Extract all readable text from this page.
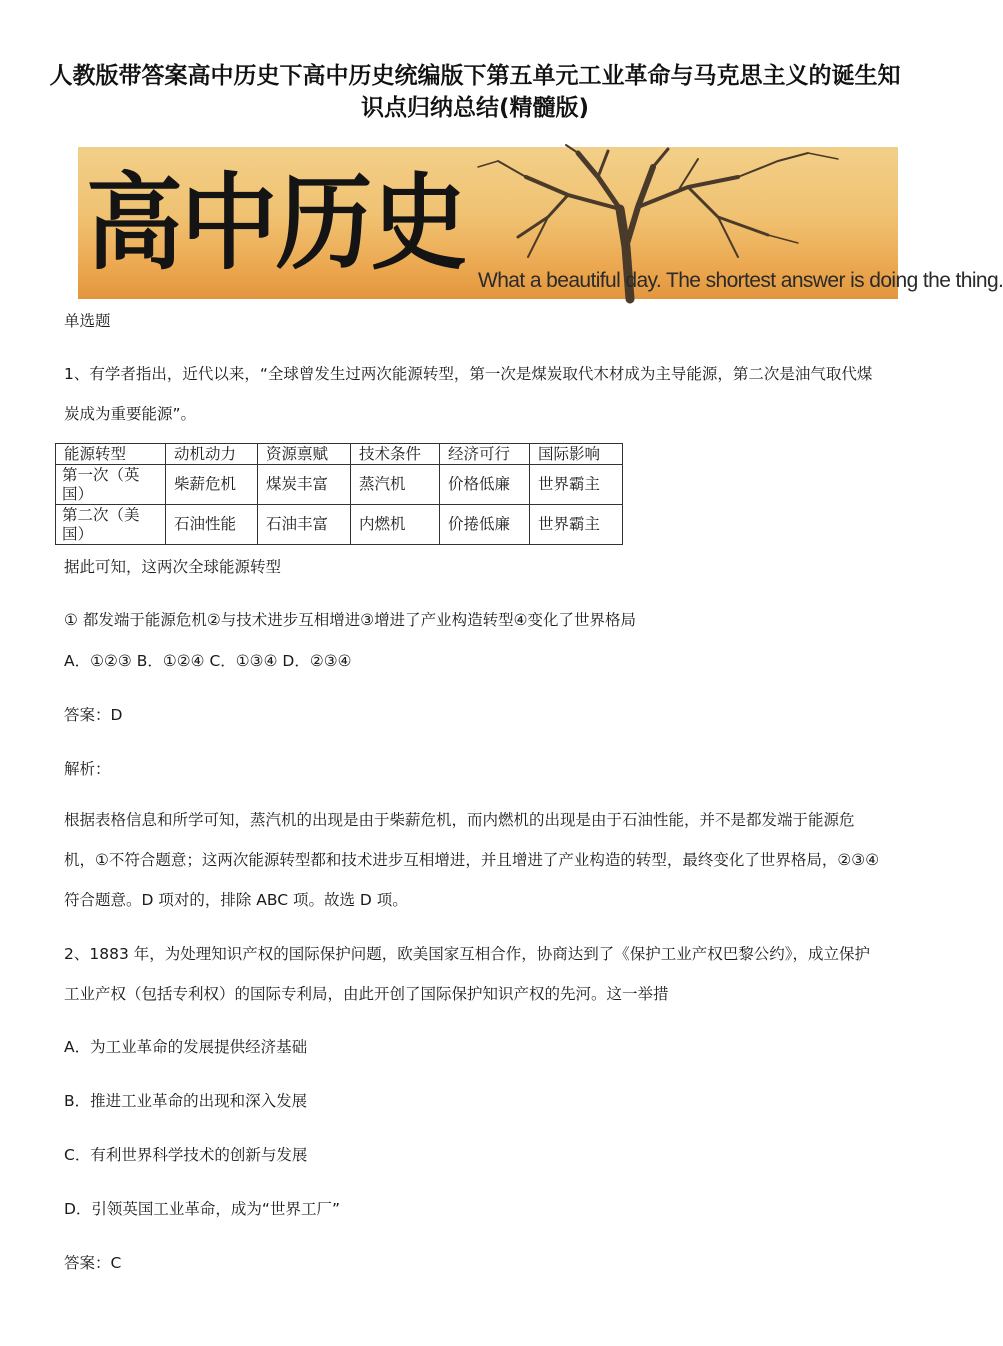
人教版带答案高中历史下高中历史统编版下第五单元工业革命与马克思主义的诞生知识点归纳总结(精髓版)
高中历史 What a beautiful day. The shortest answer is doing the thing.
单选题
1、有学者指出，近代以来，“全球曾发生过两次能源转型，第一次是煤炭取代木材成为主导能源，第二次是油气取代煤炭成为重要能源”。
能源转型	动机动力	资源禀赋	技术条件	经济可行	国际影响
第一次（英国）	柴薪危机	煤炭丰富	蒸汽机	价格低廉	世界霸主
第二次（美国）	石油性能	石油丰富	内燃机	价捲低廉	世界霸主
据此可知，这两次全球能源转型
① 都发端于能源危机②与技术进步互相增进③增进了产业构造转型④变化了世界格局
A．①②③ B．①②④ C．①③④ D．②③④
答案：D
解析：
根据表格信息和所学可知，蒸汽机的出现是由于柴薪危机，而内燃机的出现是由于石油性能，并不是都发端于能源危机，①不符合题意；这两次能源转型都和技术进步互相增进，并且增进了产业构造的转型，最终变化了世界格局，②③④符合题意。D 项对的，排除 ABC 项。故选 D 项。
2、1883 年，为处理知识产权的国际保护问题，欧美国家互相合作，协商达到了《保护工业产权巴黎公约》，成立保护工业产权（包括专利权）的国际专利局，由此开创了国际保护知识产权的先河。这一举措
A．为工业革命的发展提供经济基础
B．推进工业革命的出现和深入发展
C．有利世界科学技术的创新与发展
D．引领英国工业革命，成为“世界工厂”
答案：C
